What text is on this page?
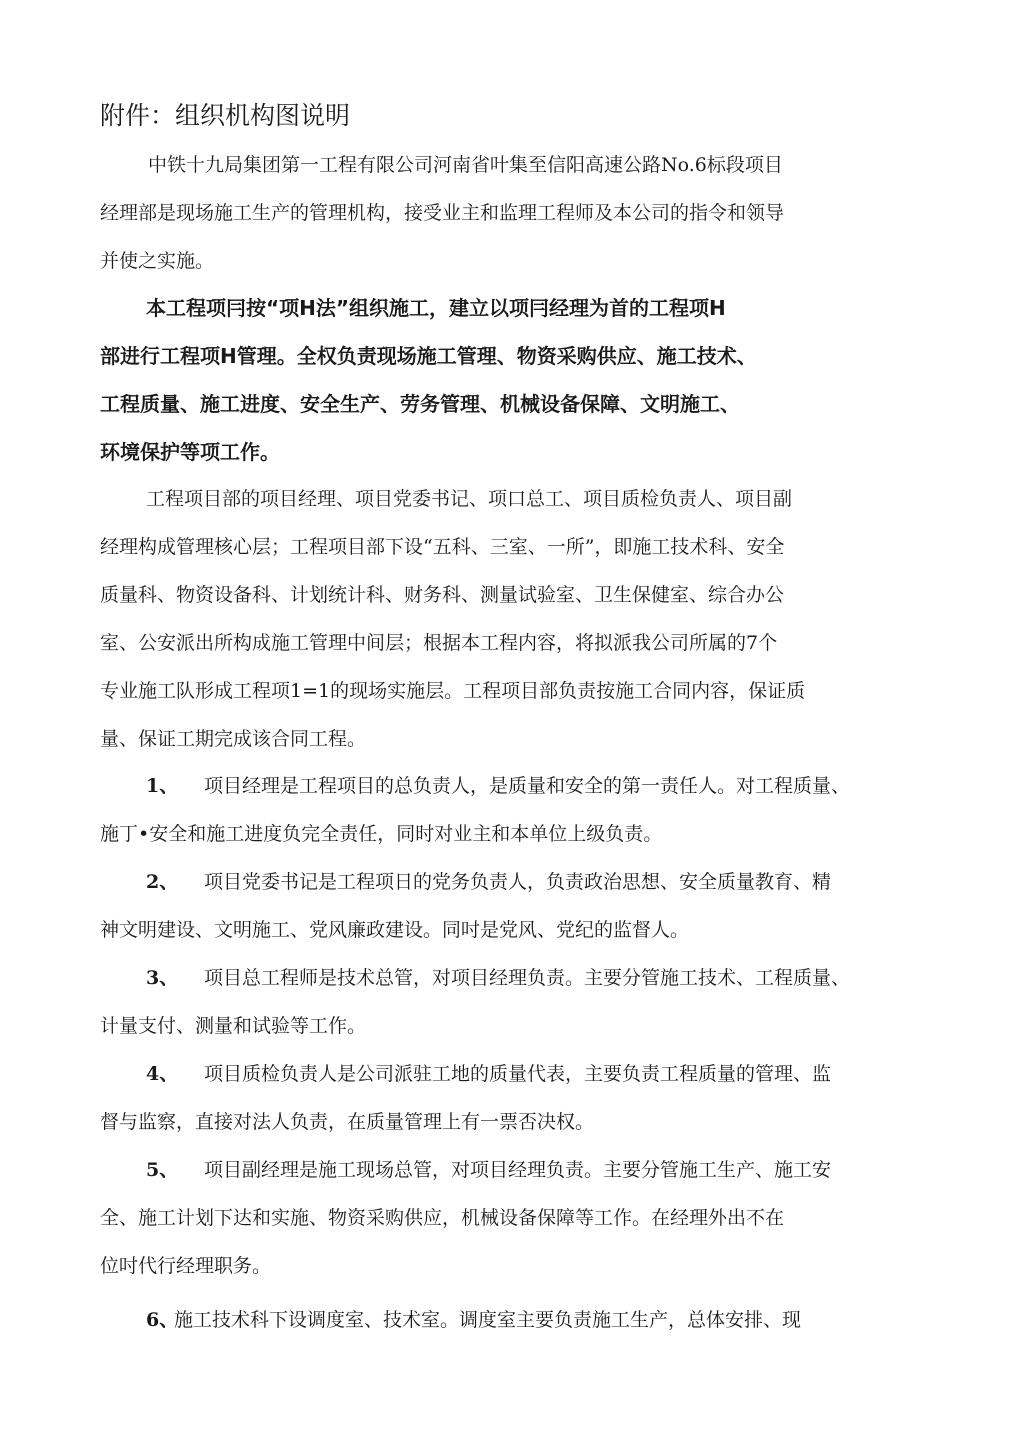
附件：组织机构图说明
中铁十九局集团第一工程有限公司河南省叶集至信阳高速公路No.6标段项目
经理部是现场施工生产的管理机构，接受业主和监理工程师及本公司的指令和领导
并使之实施。
本工程项冃按“项H法”组织施工，建立以项冃经理为首的工程项H
部进行工程项H管理。全权负责现场施工管理、物资采购供应、施工技术、
工程质量、施工进度、安全生产、劳务管理、机械设备保障、文明施工、
环境保护等项工作。
工程项目部的项目经理、项目党委书记、项口总工、项目质检负责人、项目副
经理构成管理核心层；工程项目部下设“五科、三室、一所”，即施工技术科、安全
质量科、物资设备科、计划统计科、财务科、测量试验室、卫生保健室、综合办公
室、公安派出所构成施工管理中间层；根据本工程内容，将拟派我公司所属的7个
专业施工队形成工程项1=1的现场实施层。工程项目部负责按施工合同内容，保证质
量、保证工期完成该合同工程。
1、 项目经理是工程项目的总负责人，是质量和安全的第一责任人。对工程质量、
施丁•安全和施工进度负完全责任，同时对业主和本单位上级负责。
2、 项目党委书记是工程项日的党务负责人，负责政治思想、安全质量教育、精
神文明建设、文明施工、党风廉政建设。同吋是党风、党纪的监督人。
3、 项目总工程师是技术总管，对项目经理负责。主要分管施工技术、工程质量、
计量支付、测量和试验等工作。
4、 项目质检负责人是公司派驻工地的质量代表，主要负责工程质量的管理、监
督与监察，直接对法人负责，在质量管理上有一票否决权。
5、 项目副经理是施工现场总管，对项目经理负责。主要分管施工生产、施工安
全、施工计划下达和实施、物资采购供应，机械设备保障等工作。在经理外出不在
位吋代行经理职务。
6、施工技术科下设调度室、技术室。调度室主要负责施工生产，总体安排、现
